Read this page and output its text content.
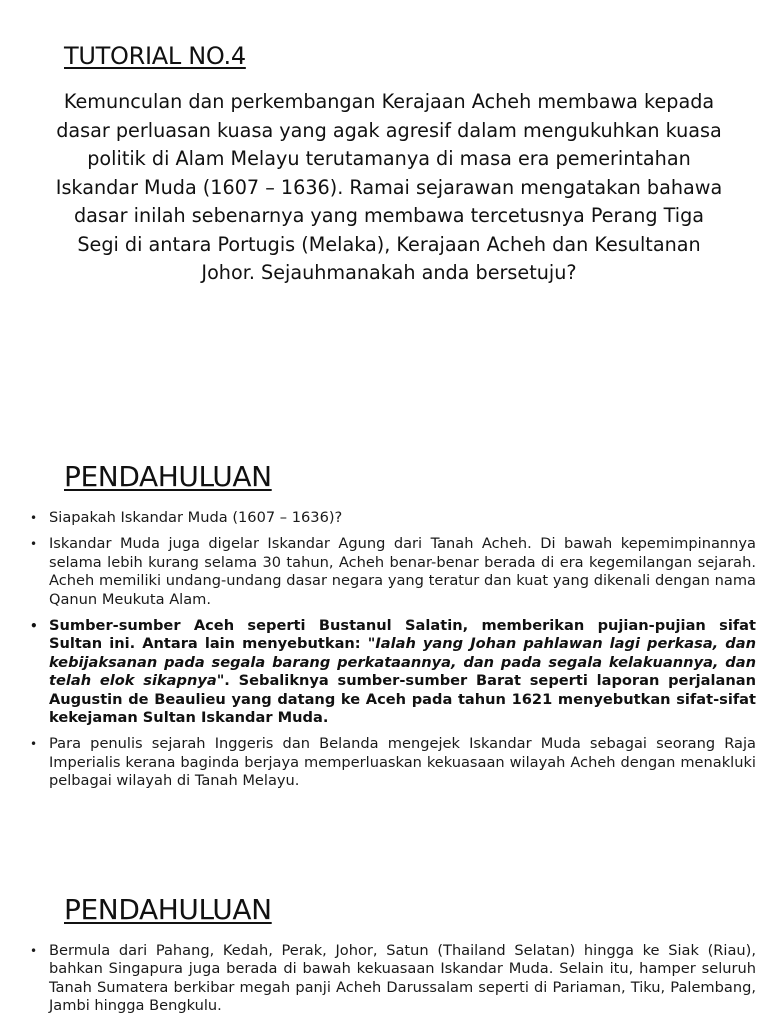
TUTORIAL NO.4

Kemunculan dan perkembangan Kerajaan Acheh membawa kepada dasar perluasan kuasa yang agak agresif dalam mengukuhkan kuasa politik di Alam Melayu terutamanya di masa era pemerintahan Iskandar Muda (1607 – 1636). Ramai sejarawan mengatakan bahawa dasar inilah sebenarnya yang membawa tercetusnya Perang Tiga Segi di antara Portugis (Melaka), Kerajaan Acheh dan Kesultanan Johor. Sejauhmanakah anda bersetuju?

PENDAHULUAN
• Siapakah Iskandar Muda (1607 – 1636)?
• Iskandar Muda juga digelar Iskandar Agung dari Tanah Acheh. Di bawah kepemimpinannya selama lebih kurang selama 30 tahun, Acheh benar-benar berada di era kegemilangan sejarah. Acheh memiliki undang-undang dasar negara yang teratur dan kuat yang dikenali dengan nama Qanun Meukuta Alam.
• Sumber-sumber Aceh seperti Bustanul Salatin, memberikan pujian-pujian sifat Sultan ini. Antara lain menyebutkan: "Ialah yang Johan pahlawan lagi perkasa, dan kebijaksanan pada segala barang perkataannya, dan pada segala kelakuannya, dan telah elok sikapnya". Sebaliknya sumber-sumber Barat seperti laporan perjalanan Augustin de Beaulieu yang datang ke Aceh pada tahun 1621 menyebutkan sifat-sifat kekejaman Sultan Iskandar Muda.
• Para penulis sejarah Inggeris dan Belanda mengejek Iskandar Muda sebagai seorang Raja Imperialis kerana baginda berjaya memperluaskan kekuasaan wilayah Acheh dengan menakluki pelbagai wilayah di Tanah Melayu.
PENDAHULUAN
• Bermula dari Pahang, Kedah, Perak, Johor, Satun (Thailand Selatan) hingga ke Siak (Riau), bahkan Singapura juga berada di bawah kekuasaan Iskandar Muda. Selain itu, hamper seluruh Tanah Sumatera berkibar megah panji Acheh Darussalam seperti di Pariaman, Tiku, Palembang, Jambi hingga Bengkulu.
